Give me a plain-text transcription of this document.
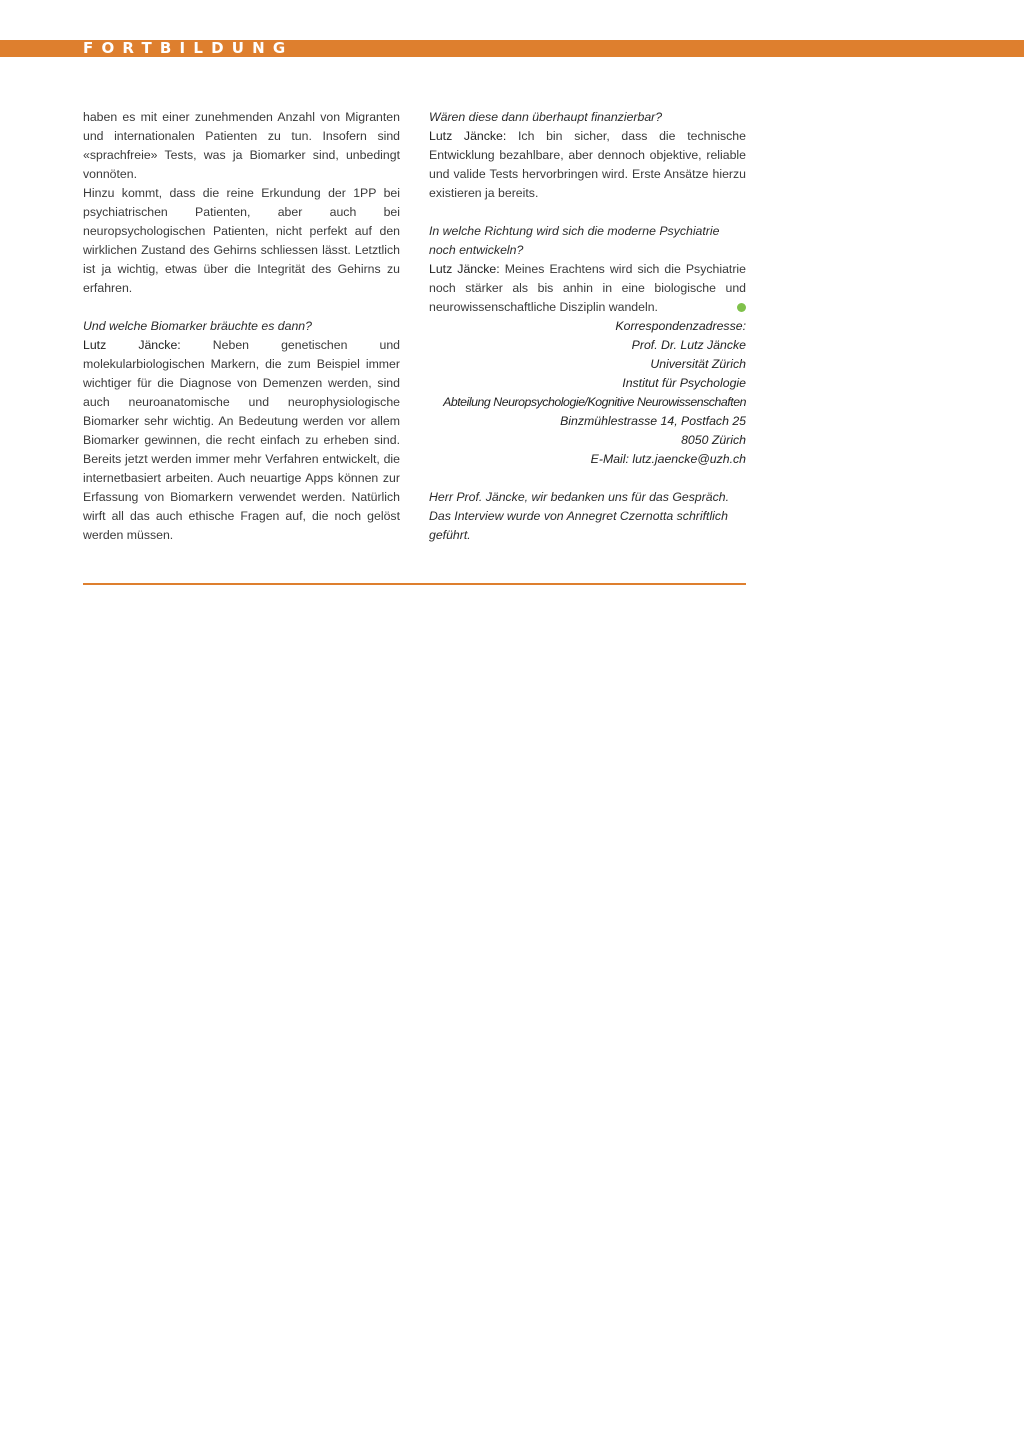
FORTBILDUNG

haben es mit einer zunehmenden Anzahl von Migranten und internationalen Patienten zu tun. Insofern sind «sprachfreie» Tests, was ja Biomarker sind, unbedingt vonnöten.

Hinzu kommt, dass die reine Erkundung der 1PP bei psychiatrischen Patienten, aber auch bei neuropsychologischen Patienten, nicht perfekt auf den wirklichen Zustand des Gehirns schliessen lässt. Letztlich ist ja wichtig, etwas über die Integrität des Gehirns zu erfahren.

Und welche Biomarker bräuchte es dann?

Lutz Jäncke: Neben genetischen und molekularbiologischen Markern, die zum Beispiel immer wichtiger für die Diagnose von Demenzen werden, sind auch neuroanatomische und neurophysiologische Biomarker sehr wichtig. An Bedeutung werden vor allem Biomarker gewinnen, die recht einfach zu erheben sind. Bereits jetzt werden immer mehr Verfahren entwickelt, die internetbasiert arbeiten. Auch neuartige Apps können zur Erfassung von Biomarkern verwendet werden. Natürlich wirft all das auch ethische Fragen auf, die noch gelöst werden müssen.

Wären diese dann überhaupt finanzierbar?

Lutz Jäncke: Ich bin sicher, dass die technische Entwicklung bezahlbare, aber dennoch objektive, reliable und valide Tests hervorbringen wird. Erste Ansätze hierzu existieren ja bereits.

In welche Richtung wird sich die moderne Psychiatrie noch entwickeln?

Lutz Jäncke: Meines Erachtens wird sich die Psychiatrie noch stärker als bis anhin in eine biologische und neurowissenschaftliche Disziplin wandeln.

Korrespondenzadresse:

Prof. Dr. Lutz Jäncke

Universität Zürich

Institut für Psychologie

Abteilung Neuropsychologie/Kognitive Neurowissenschaften

Binzmühlestrasse 14, Postfach 25

8050 Zürich

E-Mail: lutz.jaencke@uzh.ch

Herr Prof. Jäncke, wir bedanken uns für das Gespräch.

Das Interview wurde von Annegret Czernotta schriftlich geführt.
